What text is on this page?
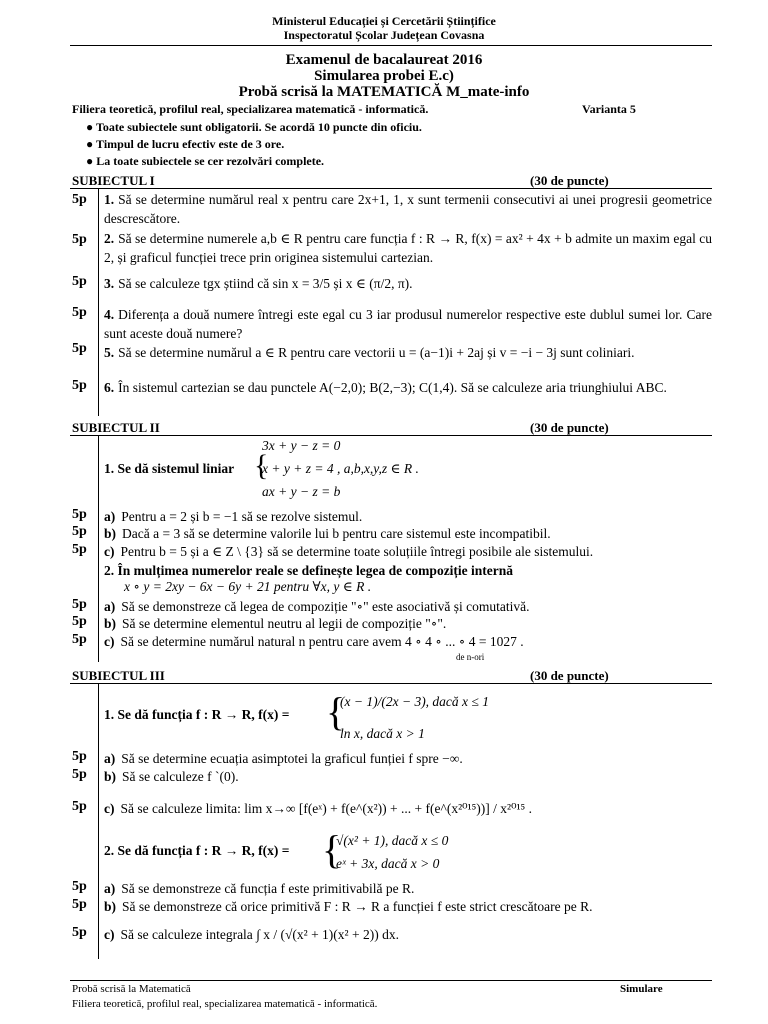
Ministerul Educației și Cercetării Științifice
Inspectoratul Școlar Județean Covasna
Examenul de bacalaureat 2016
Simularea probei E.c)
Probă scrisă la MATEMATICĂ M_mate-info
Filiera teoretică, profilul real, specializarea matematică - informatică.	Varianta 5
● Toate subiectele sunt obligatorii. Se acordă 10 puncte din oficiu.
● Timpul de lucru efectiv este de 3 ore.
● La toate subiectele se cer rezolvări complete.
SUBIECTUL I	(30 de puncte)
5p 1. Să se determine numărul real x pentru care 2x+1, 1, x sunt termenii consecutivi ai unei progresii geometrice descrescătore.
5p 2. Să se determine numerele a,b ∈ R pentru care funcția f : R → R, f(x) = ax² + 4x + b admite un maxim egal cu 2, și graficul funcției trece prin originea sistemului cartezian.
5p 3. Să se calculeze tgx știind că sin x = 3/5 și x ∈ (π/2, π).
5p 4. Diferența a două numere întregi este egal cu 3 iar produsul numerelor respective este dublul sumei lor. Care sunt aceste două numere?
5p 5. Să se determine numărul a ∈ R pentru care vectorii u = (a−1)i + 2aj și v = −i − 3j sunt coliniari.
5p 6. În sistemul cartezian se dau punctele A(−2,0); B(2,−3); C(1,4). Să se calculeze aria triunghiului ABC.
SUBIECTUL II	(30 de puncte)
1. Se dă sistemul liniar {
3x + y − z = 0
x + y + z = 4 , a,b,x,y,z ∈ R .
ax + y − z = b
5p a) Pentru a = 2 și b = −1 să se rezolve sistemul.
5p b) Dacă a = 3 să se determine valorile lui b pentru care sistemul este incompatibil.
5p c) Pentru b = 5 și a ∈ Z \ {3} să se determine toate soluțiile întregi posibile ale sistemului.
2. În mulțimea numerelor reale se definește legea de compoziție internă
x ∘ y = 2xy − 6x − 6y + 21 pentru ∀x, y ∈ R .
5p a) Să se demonstreze că legea de compoziție "∘" este asociativă și comutativă.
5p b) Să se determine elementul neutru al legii de compoziție "∘".
5p c) Să se determine numărul natural n pentru care avem 4 ∘ 4 ∘ ... ∘ 4 = 1027 .
de n-ori
SUBIECTUL III	(30 de puncte)
1. Se dă funcția f : R → R, f(x) = {
(x − 1)/(2x − 3), dacă x ≤ 1
ln x, dacă x > 1
5p a) Să se determine ecuația asimptotei la graficul funției f spre −∞.
5p b) Să se calculeze f `(0).
5p c) Să se calculeze limita: lim x→∞ [f(eˣ) + f(e^(x²)) + ... + f(e^(x²⁰¹⁵))] / x²⁰¹⁵ .
2. Se dă funcția f : R → R, f(x) = {
√(x² + 1), dacă x ≤ 0
eˣ + 3x, dacă x > 0
5p a) Să se demonstreze că funcția f este primitivabilă pe R.
5p b) Să se demonstreze că orice primitivă F : R → R a funcției f este strict crescătoare pe R.
5p c) Să se calculeze integrala ∫ x / (√(x² + 1)(x² + 2)) dx.
Probă scrisă la Matematică	Simulare
Filiera teoretică, profilul real, specializarea matematică - informatică.
